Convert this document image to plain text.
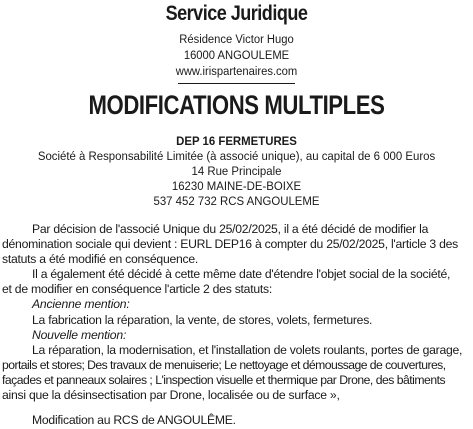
Service Juridique
Résidence Victor Hugo
16000 ANGOULEME
www.irispartenaires.com
MODIFICATIONS MULTIPLES
DEP 16 FERMETURES
Société à Responsabilité Limitée (à associé unique), au capital de 6 000 Euros
14 Rue Principale
16230 MAINE-DE-BOIXE
537 452 732 RCS ANGOULEME
Par décision de l'associé Unique du 25/02/2025, il a été décidé de modifier la
dénomination sociale qui devient : EURL DEP16 à compter du 25/02/2025, l'article 3 des
statuts a été modifié en conséquence.
Il a également été décidé à cette même date d'étendre l'objet social de la société,
et de modifier en conséquence l'article 2 des statuts:
Ancienne mention:
La fabrication la réparation, la vente, de stores, volets, fermetures.
Nouvelle mention:
La réparation, la modernisation, et l'installation de volets roulants, portes de garage,
portails et stores; Des travaux de menuiserie; Le nettoyage et démoussage de couvertures,
façades et panneaux solaires ; L'inspection visuelle et thermique par Drone, des bâtiments
ainsi que la désinsectisation par Drone, localisée ou de surface »,
Modification au RCS de ANGOULÊME.
